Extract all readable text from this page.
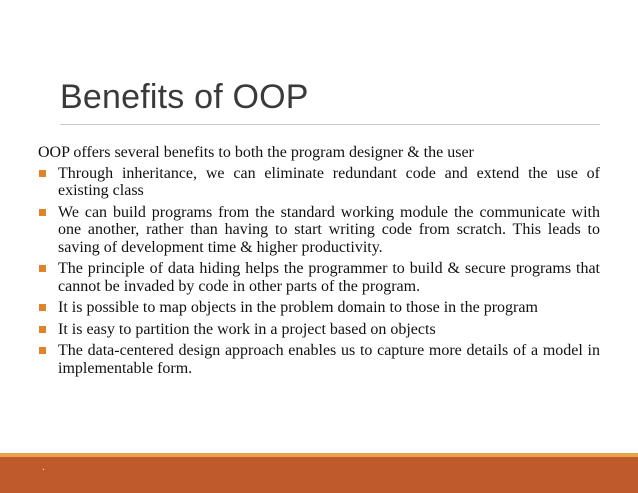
Benefits of OOP

OOP offers several benefits to both the program designer & the user

Through inheritance, we can eliminate redundant code and extend the use of existing class
We can build programs from the standard working module the communicate with one another, rather than having to start writing code from scratch. This leads to saving of development time & higher productivity.
The principle of data hiding helps the programmer to build & secure programs that cannot be invaded by code in other parts of the program.
It is possible to map objects in the problem domain to those in the program
It is easy to partition the work in a project based on objects
The data-centered design approach enables us to capture more details of a model in implementable form.
.
